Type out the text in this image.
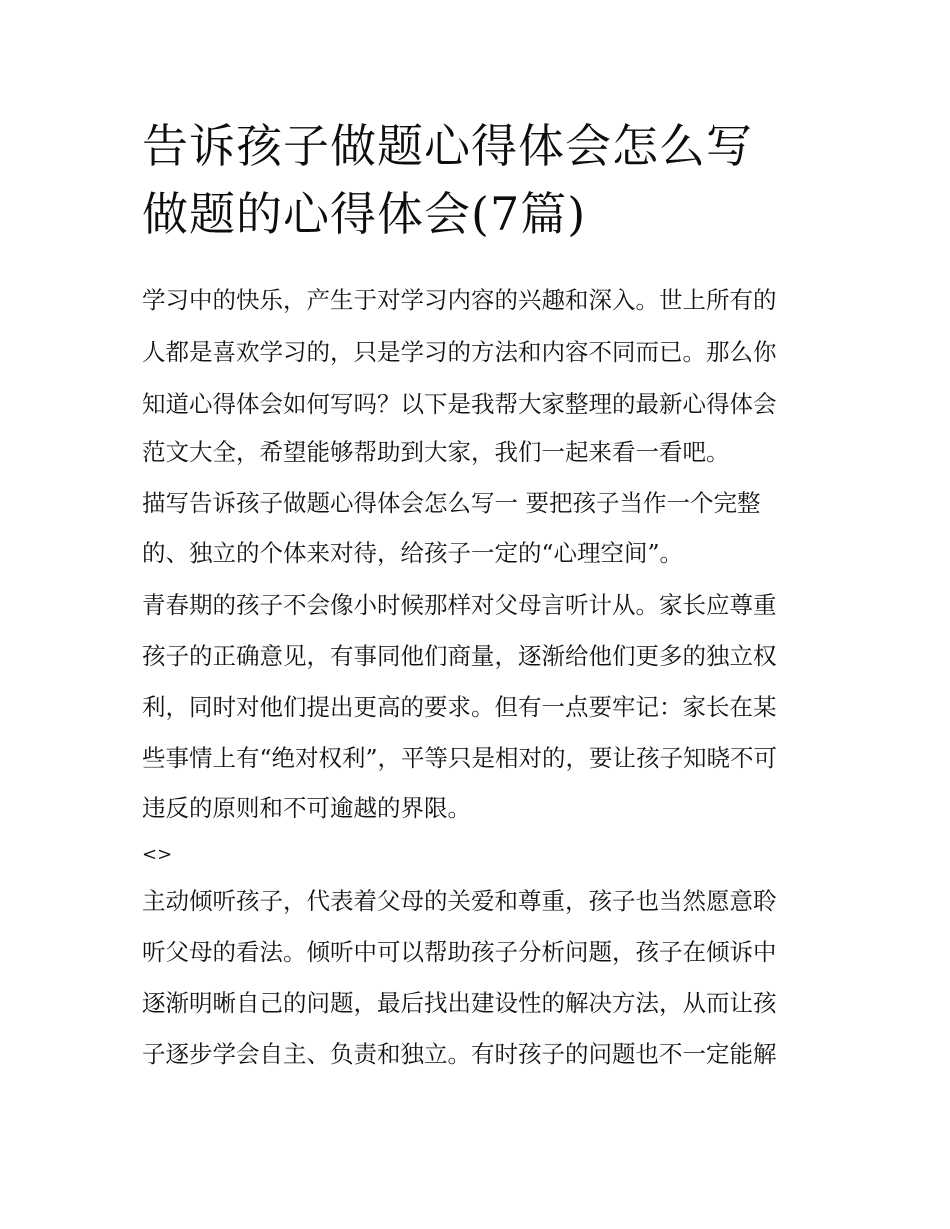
告诉孩子做题心得体会怎么写
做题的心得体会(7篇)

学习中的快乐，产生于对学习内容的兴趣和深入。世上所有的

人都是喜欢学习的，只是学习的方法和内容不同而已。那么你

知道心得体会如何写吗？以下是我帮大家整理的最新心得体会

范文大全，希望能够帮助到大家，我们一起来看一看吧。

描写告诉孩子做题心得体会怎么写一 要把孩子当作一个完整

的、独立的个体来对待，给孩子一定的“心理空间”。

青春期的孩子不会像小时候那样对父母言听计从。家长应尊重

孩子的正确意见，有事同他们商量，逐渐给他们更多的独立权

利，同时对他们提出更高的要求。但有一点要牢记：家长在某

些事情上有“绝对权利”，平等只是相对的，要让孩子知晓不可

违反的原则和不可逾越的界限。

<>

主动倾听孩子，代表着父母的关爱和尊重，孩子也当然愿意聆

听父母的看法。倾听中可以帮助孩子分析问题，孩子在倾诉中

逐渐明晰自己的问题，最后找出建设性的解决方法，从而让孩

子逐步学会自主、负责和独立。有时孩子的问题也不一定能解
